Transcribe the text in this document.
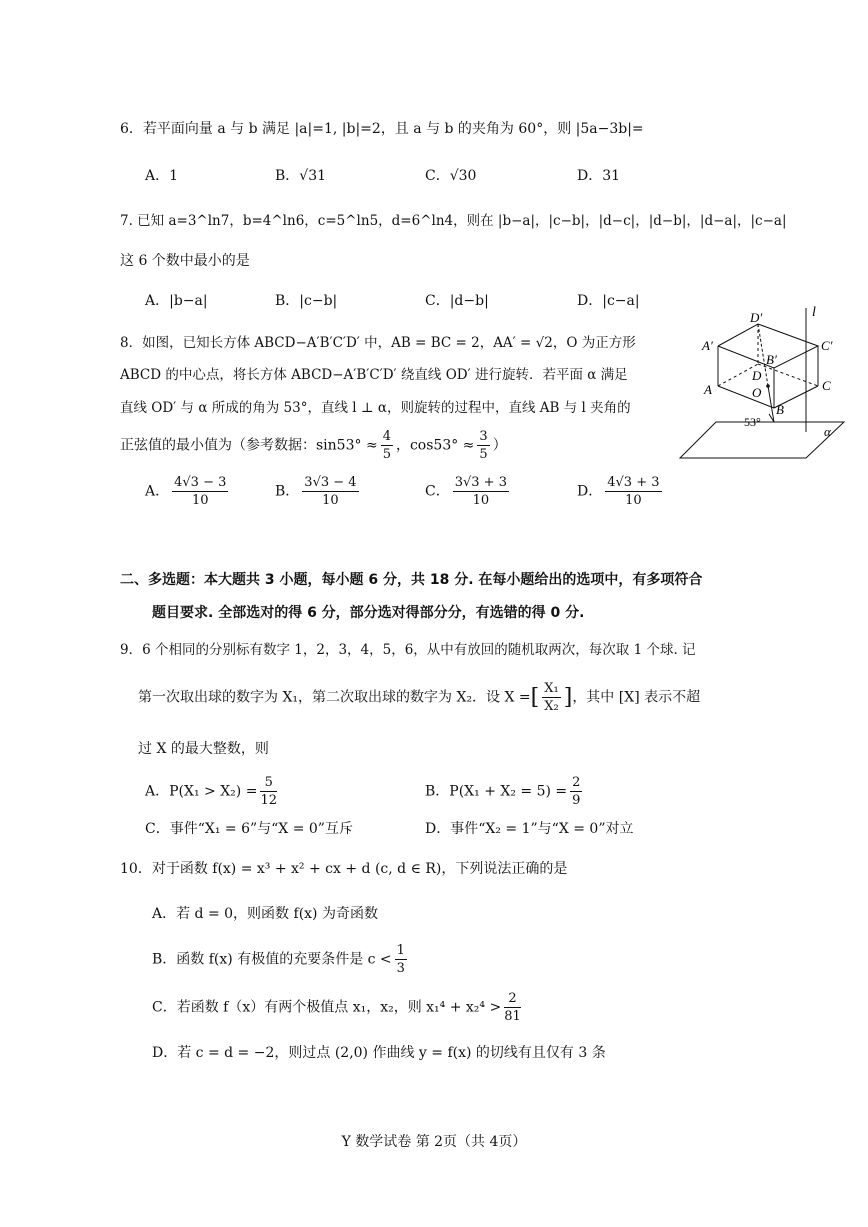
6．若平面向量 a 与 b 满足 |a|=1, |b|=2，且 a 与 b 的夹角为 60°，则 |5a−3b|=
A．1	B．√31	C．√30	D．31
7. 已知 a=3^ln7，b=4^ln6，c=5^ln5，d=6^ln4，则在 |b−a|，|c−b|，|d−c|，|d−b|，|d−a|，|c−a|
这 6 个数中最小的是
A．|b−a|	B．|c−b|	C．|d−b|	D．|c−a|
8．如图，已知长方体 ABCD−A′B′C′D′ 中，AB = BC = 2，AA′ = √2，O 为正方形
ABCD 的中心点，将长方体 ABCD−A′B′C′D′ 绕直线 OD′ 进行旋转．若平面 α 满足
直线 OD′ 与 α 所成的角为 53°，直线 l ⊥ α，则旋转的过程中，直线 AB 与 l 夹角的
正弦值的最小值为（参考数据：$\sin 53^\circ \approx \frac{4}{5}$ ，$\cos 53^\circ \approx \frac{3}{5}$ ）
A． $\frac{4√3 - 3}{10}$	B． $\frac{3√3 - 4}{10}$	C． $\frac{3√3 + 3}{10}$	D． $\frac{4√3 + 3}{10}$
D′
A′
B′
C′
D
O
A
B
C
l
α
53°
二、多选题：本大题共 3 小题，每小题 6 分，共 18 分. 在每小题给出的选项中，有多项符合
题目要求. 全部选对的得 6 分，部分选对得部分分，有选错的得 0 分.
9．6 个相同的分别标有数字 1，2，3，4，5，6，从中有放回的随机取两次，每次取 1 个球. 记
第一次取出球的数字为 X₁，第二次取出球的数字为 X₂．设 X =[ $\frac{\text{X₁}}{\text{X₂}}$ ]，其中 [X] 表示不超
过 X 的最大整数，则
A．$P(X_1 > X_2) = \frac{5}{12}$	B．$P(X_1 + X_2 = 5) = \frac{2}{9}$
C．事件“X₁ = 6”与“X = 0”互斥	D．事件“X₂ = 1”与“X = 0”对立
10．对于函数 f(x) = x³ + x² + cx + d (c, d ∈ R)，下列说法正确的是
A．若 d = 0，则函数 f(x) 为奇函数
B．函数 f(x) 有极值的充要条件是 $c < \frac{1}{3}$
C．若函数 f（x）有两个极值点 x₁，x₂，则 $x_1^4 + x_2^4 > \frac{2}{81}$
D．若 c = d = −2，则过点 (2,0) 作曲线 y = f(x) 的切线有且仅有 3 条
Y 数学试卷 第 2页（共 4页）
